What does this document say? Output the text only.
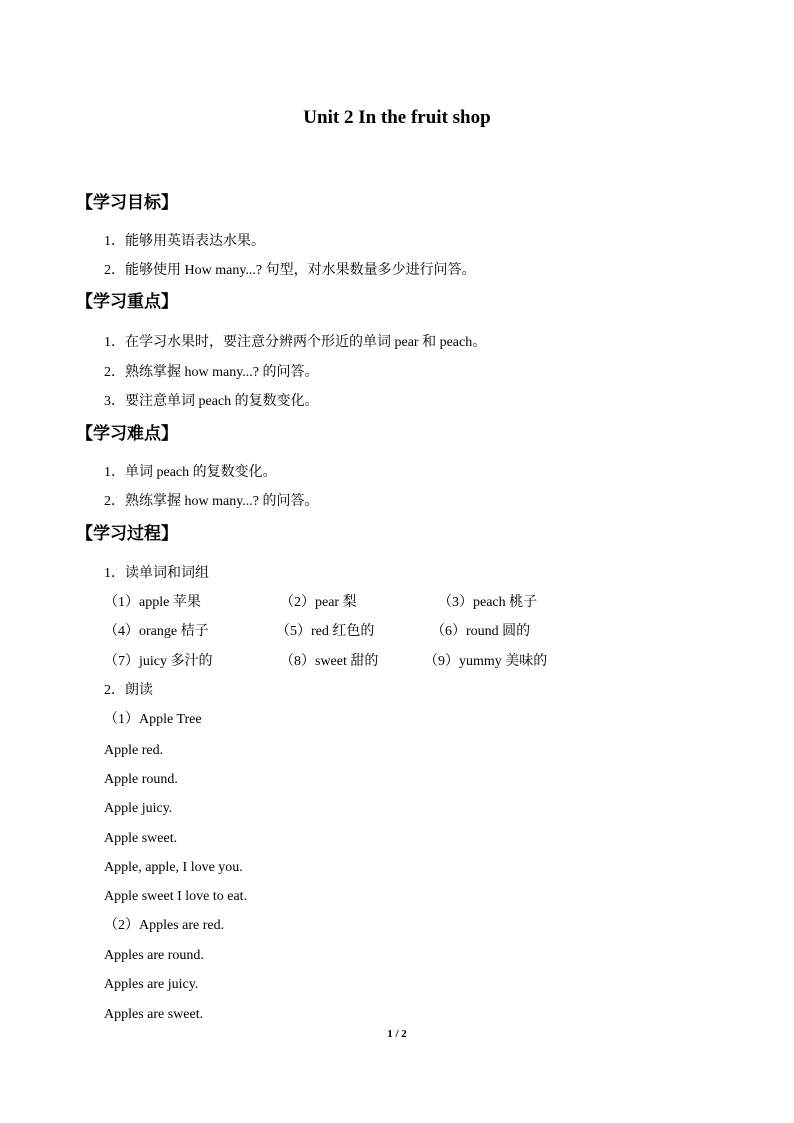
Unit 2 In the fruit shop
【学习目标】
1．能够用英语表达水果。
2．能够使用 How many...? 句型，对水果数量多少进行问答。
【学习重点】
1．在学习水果时，要注意分辨两个形近的单词 pear 和 peach。
2．熟练掌握 how many...? 的问答。
3．要注意单词 peach 的复数变化。
【学习难点】
1．单词 peach 的复数变化。
2．熟练掌握 how many...? 的问答。
【学习过程】
1．读单词和词组
（1）apple 苹果	（2）pear 梨	（3）peach 桃子
（4）orange 桔子	（5）red 红色的	（6）round 圆的
（7）juicy 多汁的	（8）sweet 甜的	（9）yummy 美味的
2．朗读
（1）Apple Tree
Apple red.
Apple round.
Apple juicy.
Apple sweet.
Apple, apple, I love you.
Apple sweet I love to eat.
（2）Apples are red.
Apples are round.
Apples are juicy.
Apples are sweet.
1 / 2
